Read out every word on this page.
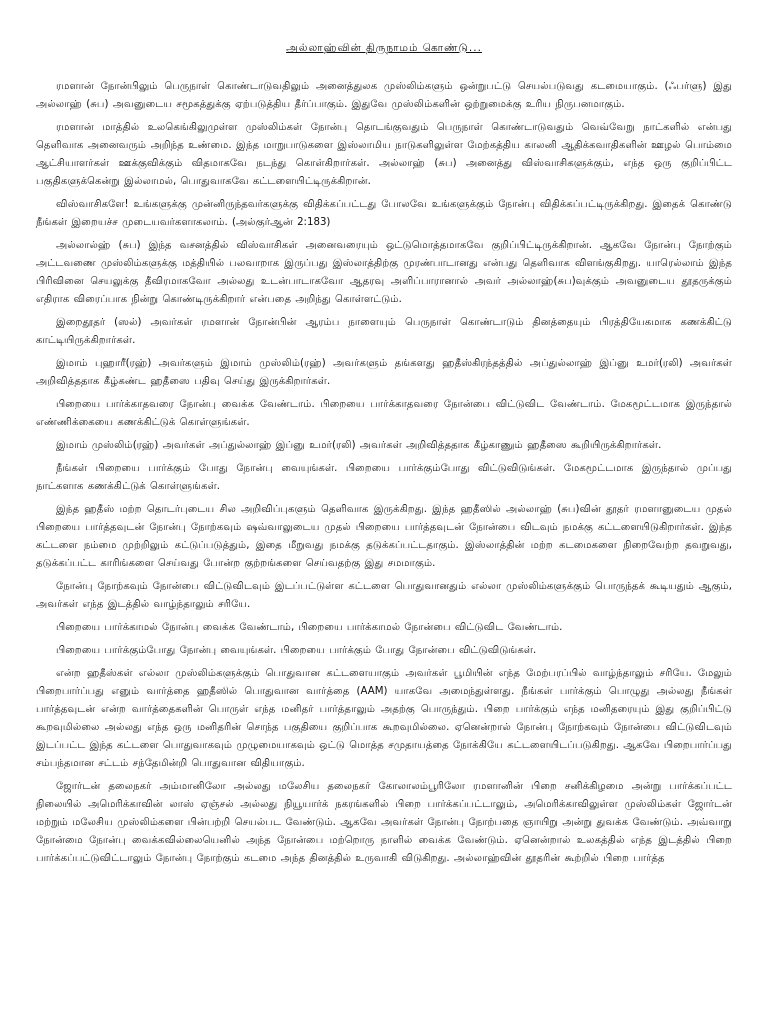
அல்லாஹ்வின் திருநாமம் கொண்டு...

ரமளான் நோன்பிலும் பெருநாள் கொண்டாடுவதிலும் அனைத்துலக முஸ்லிம்களும் ஒன்றுபட்டு செயல்படுவது கடமையாகும். (ஃபர்ளு) இது அல்லாஹ் (சுப) அவனுடைய சமூகத்துக்கு ஏற்படுத்திய தீர்ப்பாகும். இதுவே முஸ்லிம்களின் ஒற்றுமைக்கு உரிய நிருபனமாகும்.

ரமளான் மாத்தில் உலகெங்கிலுமுள்ள முஸ்லிம்கள் நோன்பு தொடங்குவதும் பெருநாள் கொண்டாடுவதும் வெவ்வேறு நாட்களில் என்பது தெளிவாக அனைவரும் அறிந்த உண்மை. இந்த மாறுபாடுகளை இஸ்லாமிய நாடுகளிலுள்ள மேற்கத்திய காலனி ஆதிக்கவாதிகளின் ஊழல் பொம்மை ஆட்சியாளர்கள் ஊக்குவிக்கும் விதமாகவே நடந்து கொள்கிறார்கள். அல்லாஹ் (சுப) அனைத்து விஸ்வாசிகளுக்கும், எந்த ஒரு குறிப்பிட்ட பகுதிகளுக்கென்று இல்லாமல், பொதுவாகவே கட்டளையிட்டிருக்கிறான்.

விஸ்வாசிகளே! உங்களுக்கு முன்னிருந்தவர்களுக்கு விதிக்கப்பட்டது போலவே உங்களுக்கும் நோன்பு விதிக்கப்பட்டிருக்கிறது. இதைக் கொண்டு நீங்கள் இறையச்ச முடையவர்களாகலாம். (அல்குர்ஆன் 2:183)

அல்லால்ஹ் (சுப) இந்த வசனத்தில் விஸ்வாசிகள் அனைவரையும் ஒட்டுமொத்தமாகவே குறிப்பிட்டிருக்கிறான். ஆகவே நோன்பு நோற்கும் அட்டவணை முஸ்லிம்களுக்கு மத்தியில் பலவாறாக இருப்பது இஸ்லாத்திற்கு முரண்பாடானது என்பது தெளிவாக விளங்குகிறது. யாரெல்லாம் இந்த பிரிவினை செயலுக்கு தீவிரமாகவோ அல்லது உடன்பாடாகவோ ஆதரவு அளிப்பாரானால் அவர் அல்லாஹ்(சுப)வுக்கும் அவனுடைய தூதருக்கும் எதிராக விரைப்பாக நின்று கொண்டிருக்கிறார் என்பதை அறிந்து கொள்ளட்டும்.

இறைதூதர் (ஸல்) அவர்கள் ரமளான் நோன்பின் ஆரம்ப நாளையும் பெருநாள் கொண்டாடும் தினத்தையும் பிரத்தியேகமாக கணக்கிட்டு காட்டியிருக்கிறார்கள்.

இமாம் புஹாரீ(ரஹ்) அவர்களும் இமாம் முஸ்லிம்(ரஹ்) அவர்களும் தங்களது ஹதீஸ்கிரந்தத்தில் அப்துல்லாஹ் இப்னு உமர்(ரலி) அவர்கள் அறிவித்ததாக கீழ்கண்ட ஹதீஸை பதிவு செய்து இருக்கிறார்கள்.

பிறையை பார்க்காதவரை நோன்பு வைக்க வேண்டாம். பிறையை பார்க்காதவரை நோன்பை விட்டுவிட வேண்டாம். மேகமூட்டமாக இருந்தால் எண்ணிக்கையை கணக்கிட்டுக் கொள்ளுங்கள்.

இமாம் முஸ்லிம்(ரஹ்) அவர்கள் அப்துல்லாஹ் இப்னு உமர்(ரலி) அவர்கள் அறிவித்ததாக கீழ்காணும் ஹதீஸை கூறியிருக்கிறார்கள்.

நீங்கள் பிறையை பார்க்கும் போது நோன்பு வையுங்கள். பிறையை பார்க்கும்போது விட்டுவிடுங்கள். மேகமூட்டமாக இருந்தால் முப்பது நாட்களாக கணக்கிட்டுக் கொள்ளுங்கள்.

இந்த ஹதீஸ் மற்ற தொடர்புடைய சில அறிவிப்புகளும் தெளிவாக இருக்கிறது. இந்த ஹதீஸில் அல்லாஹ் (சுப)வின் தூதர் ரமளானுடைய முதல் பிறையை பார்த்தவுடன் நோன்பு நோற்கவும் ஷவ்வாலுடைய முதல் பிறையை பார்த்தவுடன் நோன்பை விடவும் நமக்கு கட்டளையிடுகிறார்கள். இந்த கட்டளை நம்மை முற்றிலும் கட்டுப்படுத்தும், இதை மீறுவது நமக்கு தடுக்கப்பட்டதாகும். இஸ்லாத்தின் மற்ற கடமைகளை நிறைவேற்ற தவறுவது, தடுக்கப்பட்ட காரிங்களை செய்வது போன்ற குற்றங்களை செய்வதற்கு இது சமமாகும்.

நோன்பு நோற்கவும் நோன்பை விட்டுவிடவும் இடப்பட்டுள்ள கட்டளை பொதுவானதும் எல்லா முஸ்லிம்களுக்கும் பொருந்தக் கூடியதும் ஆகும், அவர்கள் எந்த இடத்தில் வாழ்ந்தாலும் சரியே.

பிறையை பார்க்காமல் நோன்பு வைக்க வேண்டாம், பிறையை பார்க்காமல் நோன்பை விட்டுவிட வேண்டாம்.

பிறையை பார்க்கும்போது நோன்பு வையுங்கள். பிறையை பார்க்கும் போது நோன்பை விட்டுவிடுங்கள்.

என்ற ஹதீஸ்கள் எல்லா முஸ்லிம்களுக்கும் பொதுவான கட்டளையாகும் அவர்கள் பூமியின் எந்த மேற்பரப்பில் வாழ்ந்தாலும் சரியே. மேலும் பிறைபார்ப்பது எனும் வார்த்தை ஹதீஸில் பொதுவான வார்த்தை (AAM) யாகவே அமைந்துள்ளது. நீங்கள் பார்க்கும் பொழுது அல்லது நீங்கள் பார்த்தவுடன் என்ற வார்த்தைகளின் பொருள் எந்த மனிதர் பார்த்தாலும் அதற்கு பொருந்தும். பிறை பார்க்கும் எந்த மனிதரையும் இது குறிப்பிட்டு கூறவுமில்லை அல்லது எந்த ஒரு மனிதரின் சொந்த பகுதியை குறிப்பாக கூறவுமில்லை. ஏனென்றால் நோன்பு நோற்கவும் நோன்பை விட்டுவிடவும் இடப்பட்ட இந்த கட்டளை பொதுவாகவும் முழுமையாகவும் ஒட்டு மொத்த சமுதாயத்தை நோக்கியே கட்டளையிடப்படுகிறது. ஆகவே பிறைபார்ப்பது சம்பந்தமான சட்டம் சந்தேமின்றி பொதுவான விதியாகும்.

ஜோர்டன் தலைநகர் அம்மானிலோ அல்லது மலேசிய தலைநகர் கோலாலம்பூரிலோ ரமளானின் பிறை சனிக்கிழமை அன்று பார்க்கப்பட்ட நிலையில் அமெரிக்காவின் லாஸ் ஏஞ்சல் அல்லது நியூயார்க் நகரங்களில் பிறை பார்க்கப்பட்டாலும், அமெரிக்காவிலுள்ள முஸ்லிம்கள் ஜோர்டன் மற்றும் மலேசிய முஸ்லிம்களை பின்பற்றி செயல்பட வேண்டும். ஆகவே அவர்கள் நோன்பு நோற்பதை ஞாயிறு அன்று துவக்க வேண்டும். அவ்வாறு நோன்மை நோன்பு வைக்கவில்லையெனில் அந்த நோன்பை மற்றொரு நாளில் வைக்க வேண்டும். ஏனென்றால் உலகத்தில் எந்த இடத்தில் பிறை பார்க்கப்பட்டுவிட்டாலும் நோன்பு நோற்கும் கடமை அந்த தினத்தில் உருவாகி விடுகிறது. அல்லாஹ்வின் தூதரின் கூற்றில் பிறை பார்த்த
